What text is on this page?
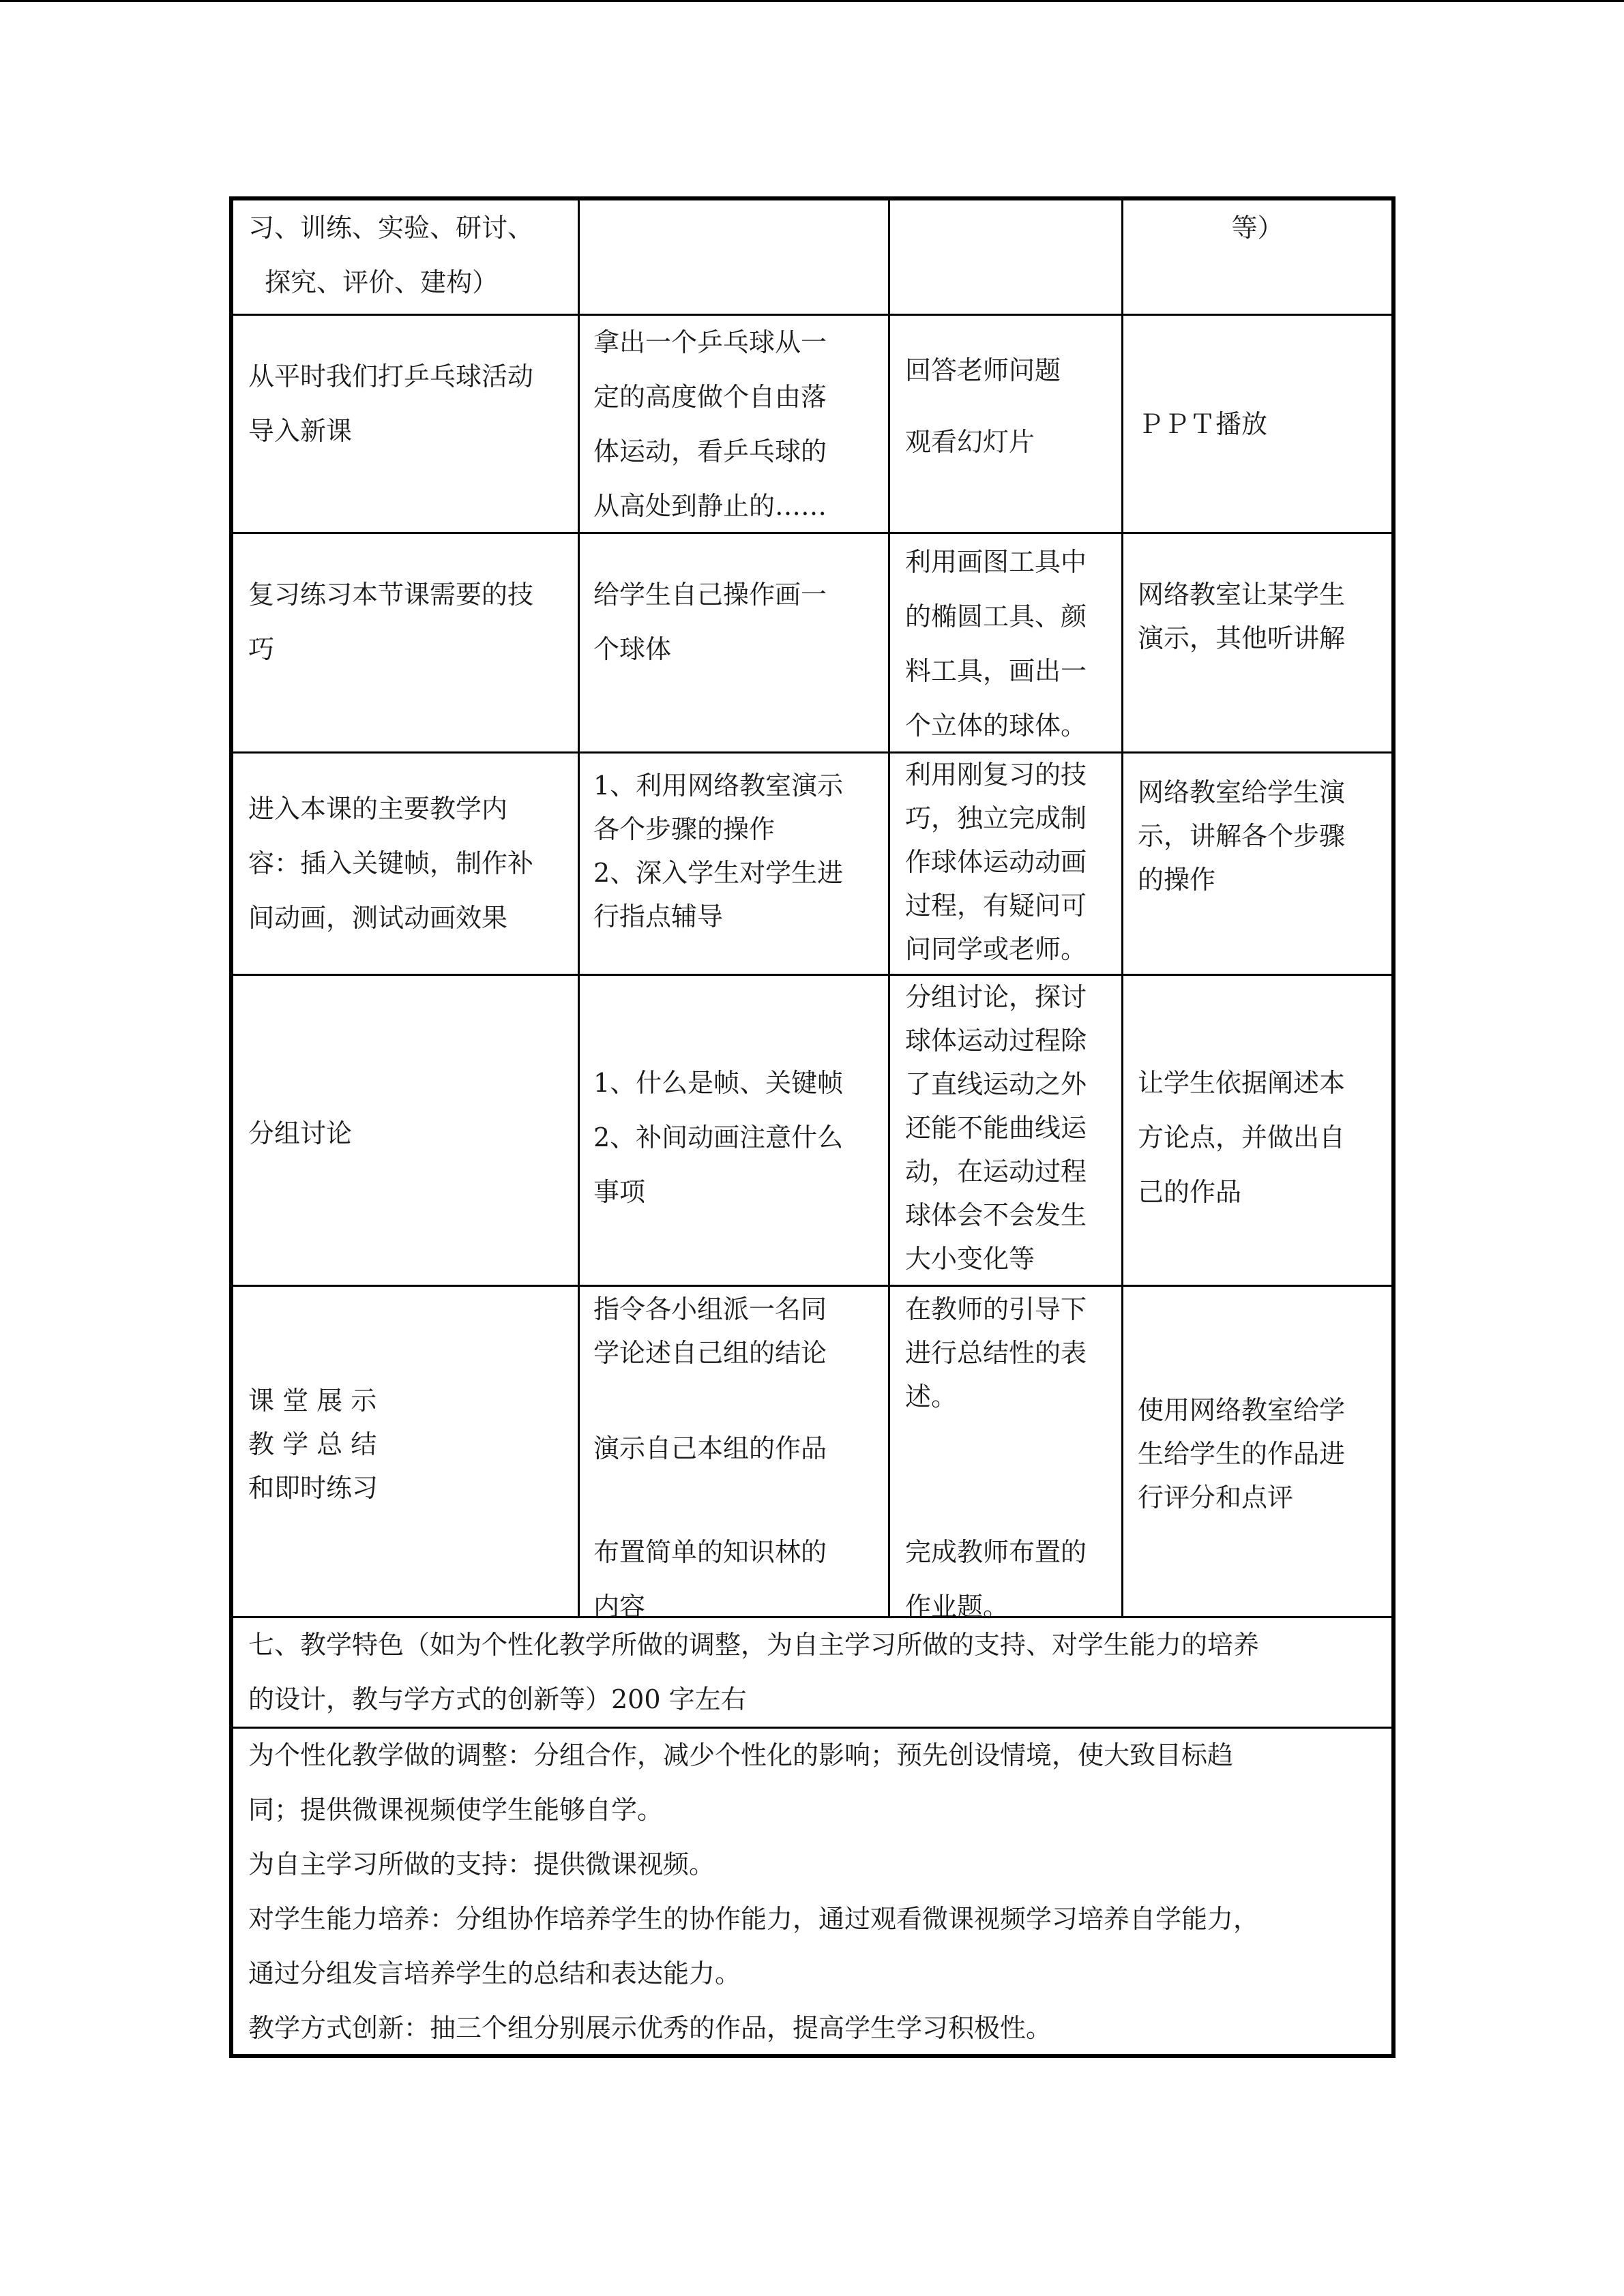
习、训练、实验、研讨、
探究、评价、建构）
等）
从平时我们打乒乓球活动
导入新课
拿出一个乒乓球从一
定的高度做个自由落
体运动，看乒乓球的
从高处到静止的……
回答老师问题
观看幻灯片
ＰＰＴ播放
复习练习本节课需要的技
巧
给学生自己操作画一
个球体
利用画图工具中
的椭圆工具、颜
料工具，画出一
个立体的球体。
网络教室让某学生
演示，其他听讲解
进入本课的主要教学内
容：插入关键帧，制作补
间动画，测试动画效果
1、利用网络教室演示
各个步骤的操作
2、深入学生对学生进
行指点辅导
利用刚复习的技
巧，独立完成制
作球体运动动画
过程，有疑问可
问同学或老师。
网络教室给学生演
示，讲解各个步骤
的操作
分组讨论
1、什么是帧、关键帧
2、补间动画注意什么
事项
分组讨论，探讨
球体运动过程除
了直线运动之外
还能不能曲线运
动，在运动过程
球体会不会发生
大小变化等
让学生依据阐述本
方论点，并做出自
己的作品
课 堂 展 示
教 学 总 结
和即时练习
指令各小组派一名同
学论述自己组的结论
演示自己本组的作品
布置简单的知识林的
内容
在教师的引导下
进行总结性的表
述。
完成教师布置的
作业题。
使用网络教室给学
生给学生的作品进
行评分和点评
七、教学特色（如为个性化教学所做的调整，为自主学习所做的支持、对学生能力的培养
的设计，教与学方式的创新等）200 字左右
为个性化教学做的调整：分组合作，减少个性化的影响；预先创设情境，使大致目标趋
同；提供微课视频使学生能够自学。
为自主学习所做的支持：提供微课视频。
对学生能力培养：分组协作培养学生的协作能力，通过观看微课视频学习培养自学能力，
通过分组发言培养学生的总结和表达能力。
教学方式创新：抽三个组分别展示优秀的作品，提高学生学习积极性。
